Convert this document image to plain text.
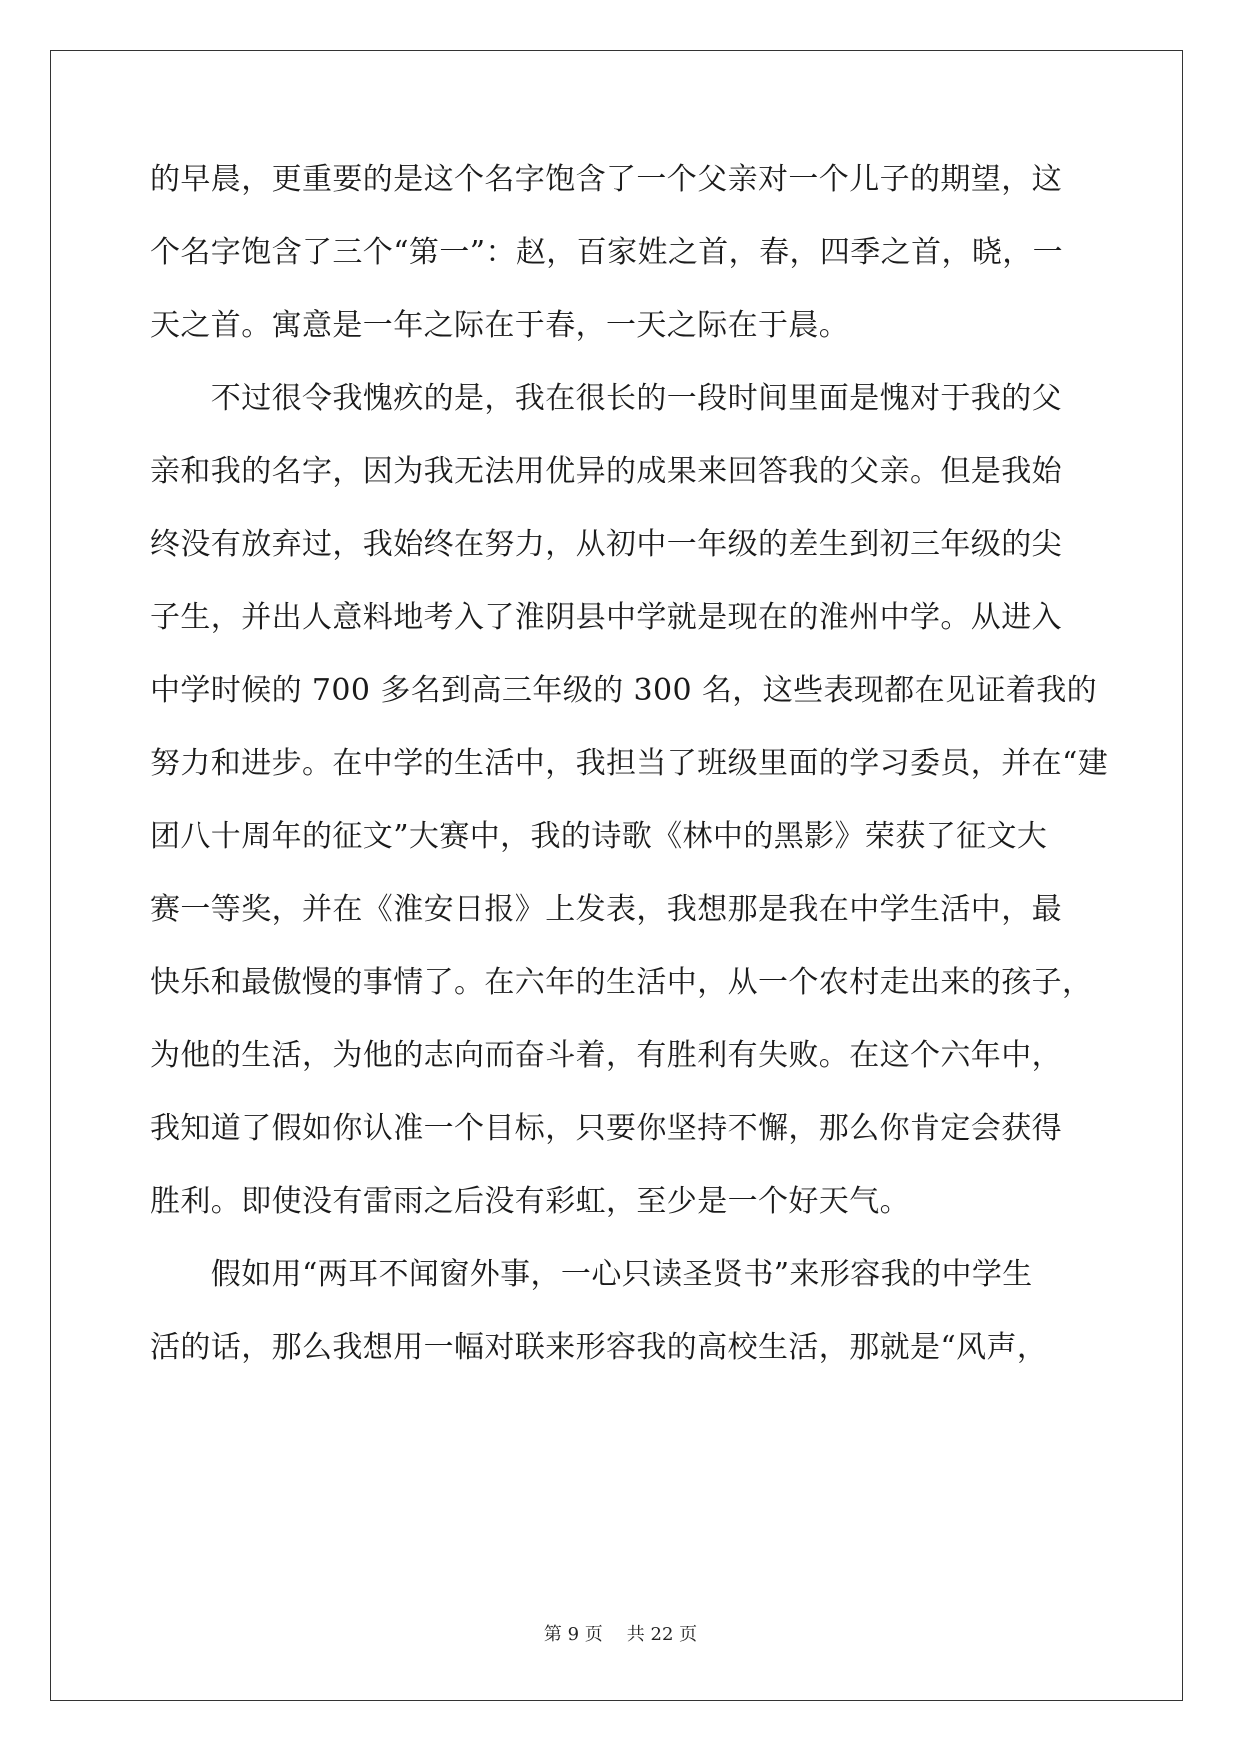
的早晨，更重要的是这个名字饱含了一个父亲对一个儿子的期望，这
个名字饱含了三个“第一”：赵，百家姓之首，春，四季之首，晓，一
天之首。寓意是一年之际在于春，一天之际在于晨。
　　不过很令我愧疚的是，我在很长的一段时间里面是愧对于我的父
亲和我的名字，因为我无法用优异的成果来回答我的父亲。但是我始
终没有放弃过，我始终在努力，从初中一年级的差生到初三年级的尖
子生，并出人意料地考入了淮阴县中学就是现在的淮州中学。从进入
中学时候的 700 多名到高三年级的 300 名，这些表现都在见证着我的
努力和进步。在中学的生活中，我担当了班级里面的学习委员，并在“建
团八十周年的征文”大赛中，我的诗歌《林中的黑影》荣获了征文大
赛一等奖，并在《淮安日报》上发表，我想那是我在中学生活中，最
快乐和最傲慢的事情了。在六年的生活中，从一个农村走出来的孩子，
为他的生活，为他的志向而奋斗着，有胜利有失败。在这个六年中，
我知道了假如你认准一个目标，只要你坚持不懈，那么你肯定会获得
胜利。即使没有雷雨之后没有彩虹，至少是一个好天气。
　　假如用“两耳不闻窗外事，一心只读圣贤书”来形容我的中学生
活的话，那么我想用一幅对联来形容我的高校生活，那就是“风声，
第 9 页 共 22 页
